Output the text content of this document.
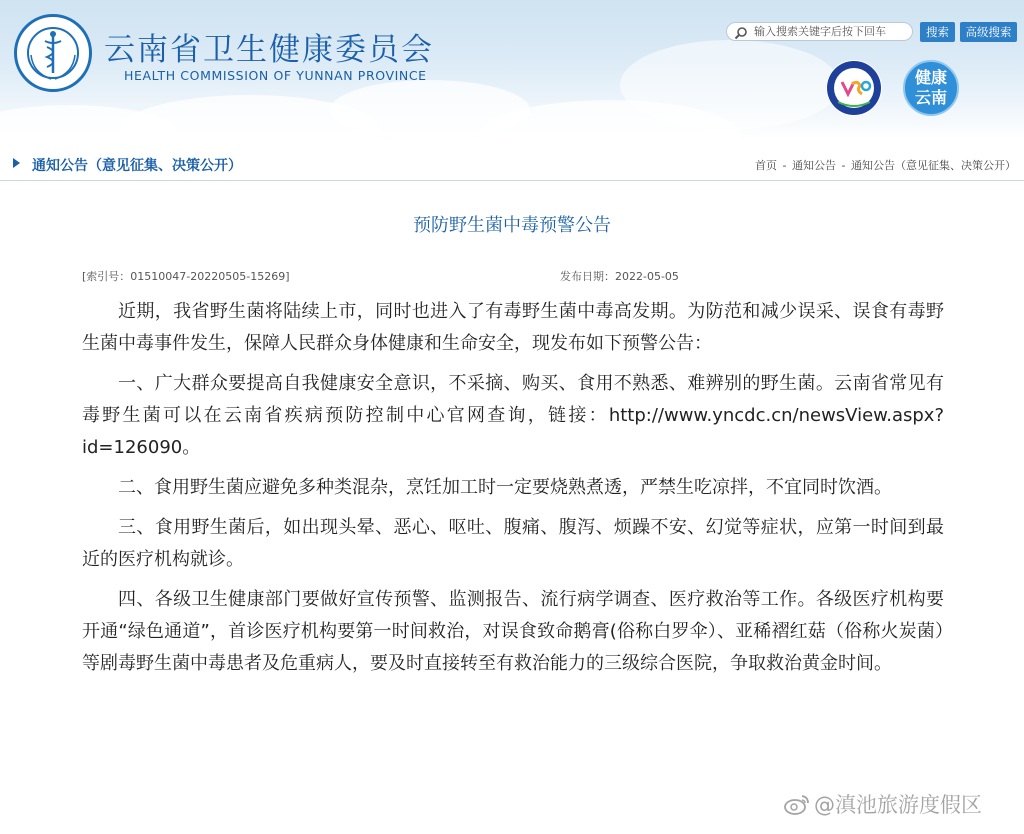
云南省卫生健康委员会
HEALTH COMMISSION OF YUNNAN PROVINCE
输入搜索关键字后按下回车
搜索	高级搜索
健康
云南
通知公告（意见征集、决策公开）	首页 - 通知公告 - 通知公告（意见征集、决策公开）
预防野生菌中毒预警公告
[索引号：01510047-20220505-15269]	发布日期：2022-05-05

近期，我省野生菌将陆续上市，同时也进入了有毒野生菌中毒高发期。为防范和减少误采、误食有毒野生菌中毒事件发生，保障人民群众身体健康和生命安全，现发布如下预警公告：

一、广大群众要提高自我健康安全意识，不采摘、购买、食用不熟悉、难辨别的野生菌。云南省常见有毒野生菌可以在云南省疾病预防控制中心官网查询，链接：http://www.yncdc.cn/newsView.aspx?id=126090。

二、食用野生菌应避免多种类混杂，烹饪加工时一定要烧熟煮透，严禁生吃凉拌，不宜同时饮酒。

三、食用野生菌后，如出现头晕、恶心、呕吐、腹痛、腹泻、烦躁不安、幻觉等症状，应第一时间到最近的医疗机构就诊。

四、各级卫生健康部门要做好宣传预警、监测报告、流行病学调查、医疗救治等工作。各级医疗机构要开通“绿色通道”，首诊医疗机构要第一时间救治，对误食致命鹅膏(俗称白罗伞）、亚稀褶红菇（俗称火炭菌）等剧毒野生菌中毒患者及危重病人，要及时直接转至有救治能力的三级综合医院，争取救治黄金时间。

@滇池旅游度假区
